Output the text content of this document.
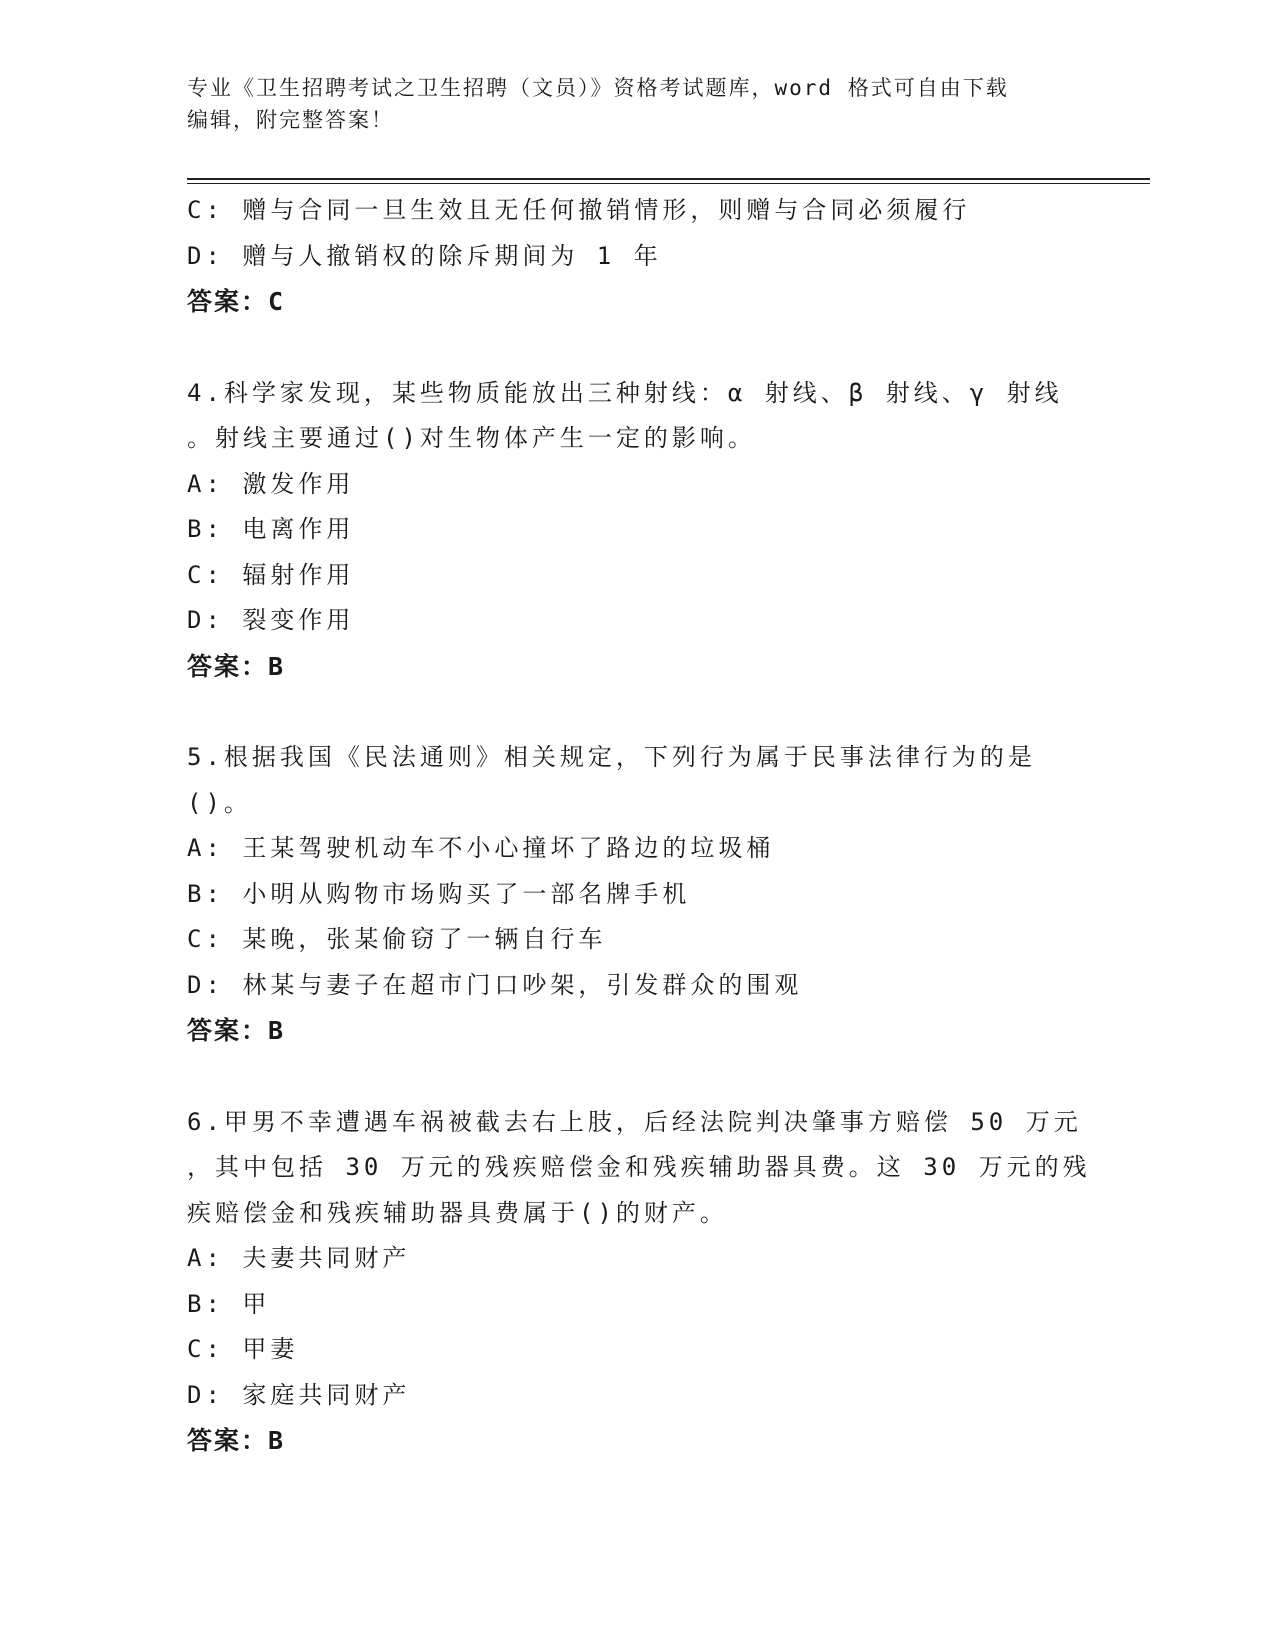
专业《卫生招聘考试之卫生招聘（文员）》资格考试题库，word 格式可自由下载
编辑，附完整答案！
C: 赠与合同一旦生效且无任何撤销情形，则赠与合同必须履行
D: 赠与人撤销权的除斥期间为 1 年
答案：C
4.科学家发现，某些物质能放出三种射线：α 射线、β 射线、γ 射线
。射线主要通过()对生物体产生一定的影响。
A: 激发作用
B: 电离作用
C: 辐射作用
D: 裂变作用
答案：B
5.根据我国《民法通则》相关规定，下列行为属于民事法律行为的是
()。
A: 王某驾驶机动车不小心撞坏了路边的垃圾桶
B: 小明从购物市场购买了一部名牌手机
C: 某晚，张某偷窃了一辆自行车
D: 林某与妻子在超市门口吵架，引发群众的围观
答案：B
6.甲男不幸遭遇车祸被截去右上肢，后经法院判决肇事方赔偿 50 万元
，其中包括 30 万元的残疾赔偿金和残疾辅助器具费。这 30 万元的残
疾赔偿金和残疾辅助器具费属于()的财产。
A: 夫妻共同财产
B: 甲
C: 甲妻
D: 家庭共同财产
答案：B
